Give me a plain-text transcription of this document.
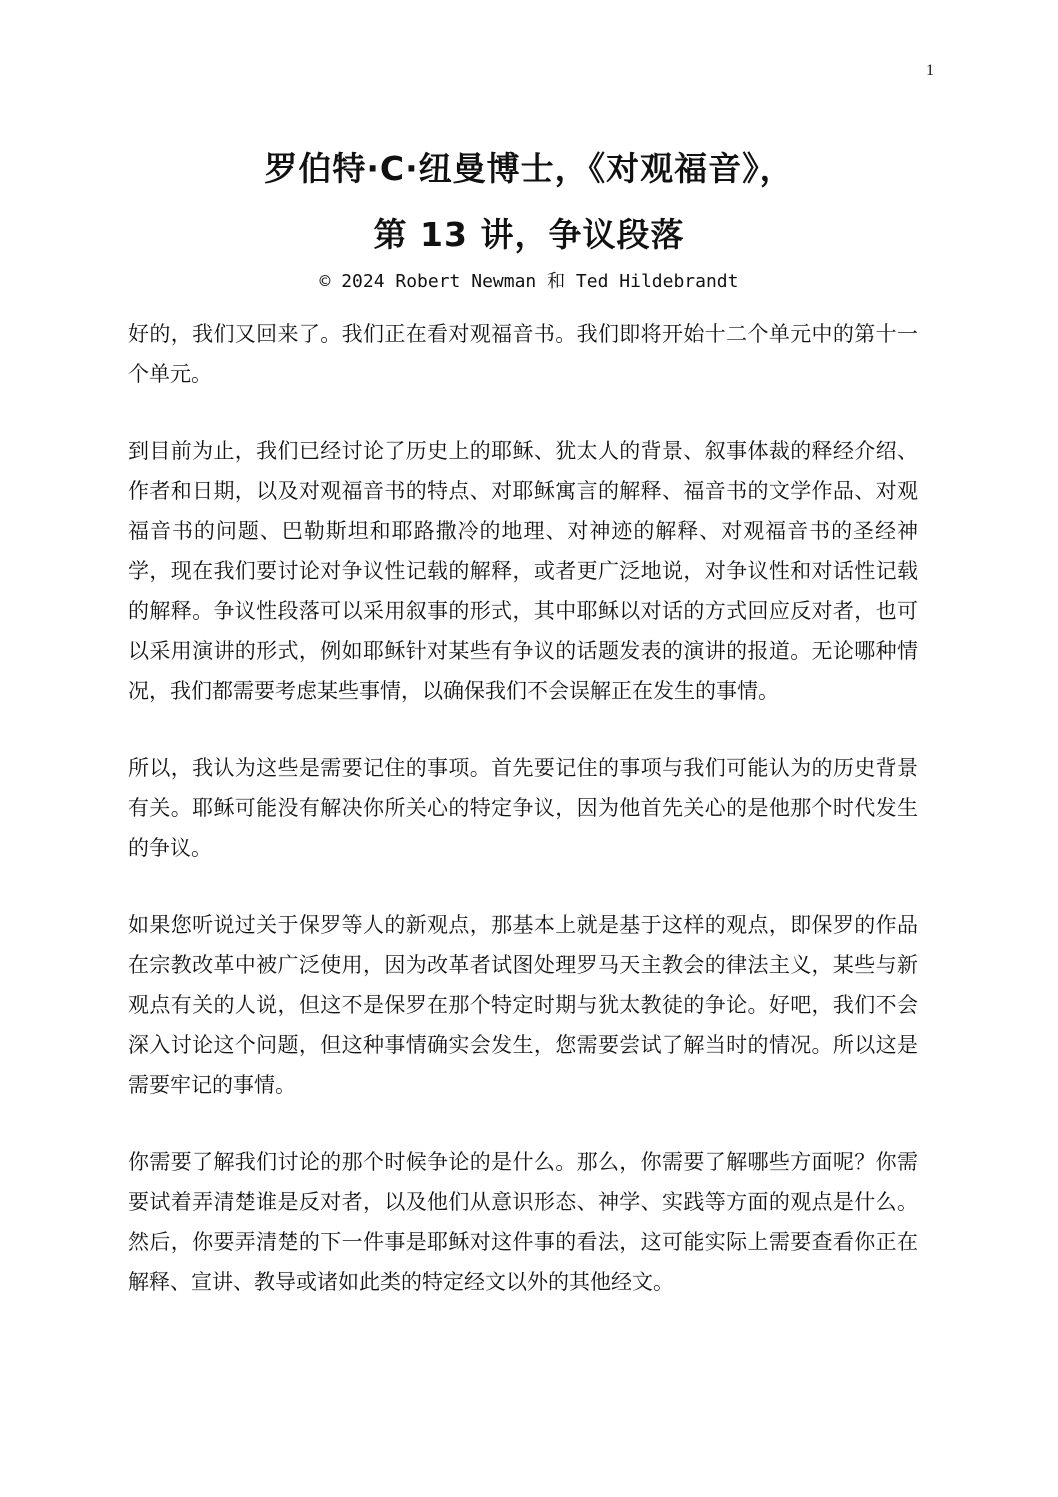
1
罗伯特·C·纽曼博士，《对观福音》，
第 13 讲，争议段落
© 2024 Robert Newman 和 Ted Hildebrandt

好的，我们又回来了。我们正在看对观福音书。我们即将开始十二个单元中的第十一个单元。

到目前为止，我们已经讨论了历史上的耶稣、犹太人的背景、叙事体裁的释经介绍、作者和日期，以及对观福音书的特点、对耶稣寓言的解释、福音书的文学作品、对观福音书的问题、巴勒斯坦和耶路撒冷的地理、对神迹的解释、对观福音书的圣经神学，现在我们要讨论对争议性记载的解释，或者更广泛地说，对争议性和对话性记载的解释。争议性段落可以采用叙事的形式，其中耶稣以对话的方式回应反对者，也可以采用演讲的形式，例如耶稣针对某些有争议的话题发表的演讲的报道。无论哪种情况，我们都需要考虑某些事情，以确保我们不会误解正在发生的事情。

所以，我认为这些是需要记住的事项。首先要记住的事项与我们可能认为的历史背景有关。耶稣可能没有解决你所关心的特定争议，因为他首先关心的是他那个时代发生的争议。

如果您听说过关于保罗等人的新观点，那基本上就是基于这样的观点，即保罗的作品在宗教改革中被广泛使用，因为改革者试图处理罗马天主教会的律法主义，某些与新观点有关的人说，但这不是保罗在那个特定时期与犹太教徒的争论。好吧，我们不会深入讨论这个问题，但这种事情确实会发生，您需要尝试了解当时的情况。所以这是需要牢记的事情。

你需要了解我们讨论的那个时候争论的是什么。那么，你需要了解哪些方面呢？你需要试着弄清楚谁是反对者，以及他们从意识形态、神学、实践等方面的观点是什么。然后，你要弄清楚的下一件事是耶稣对这件事的看法，这可能实际上需要查看你正在解释、宣讲、教导或诸如此类的特定经文以外的其他经文。
